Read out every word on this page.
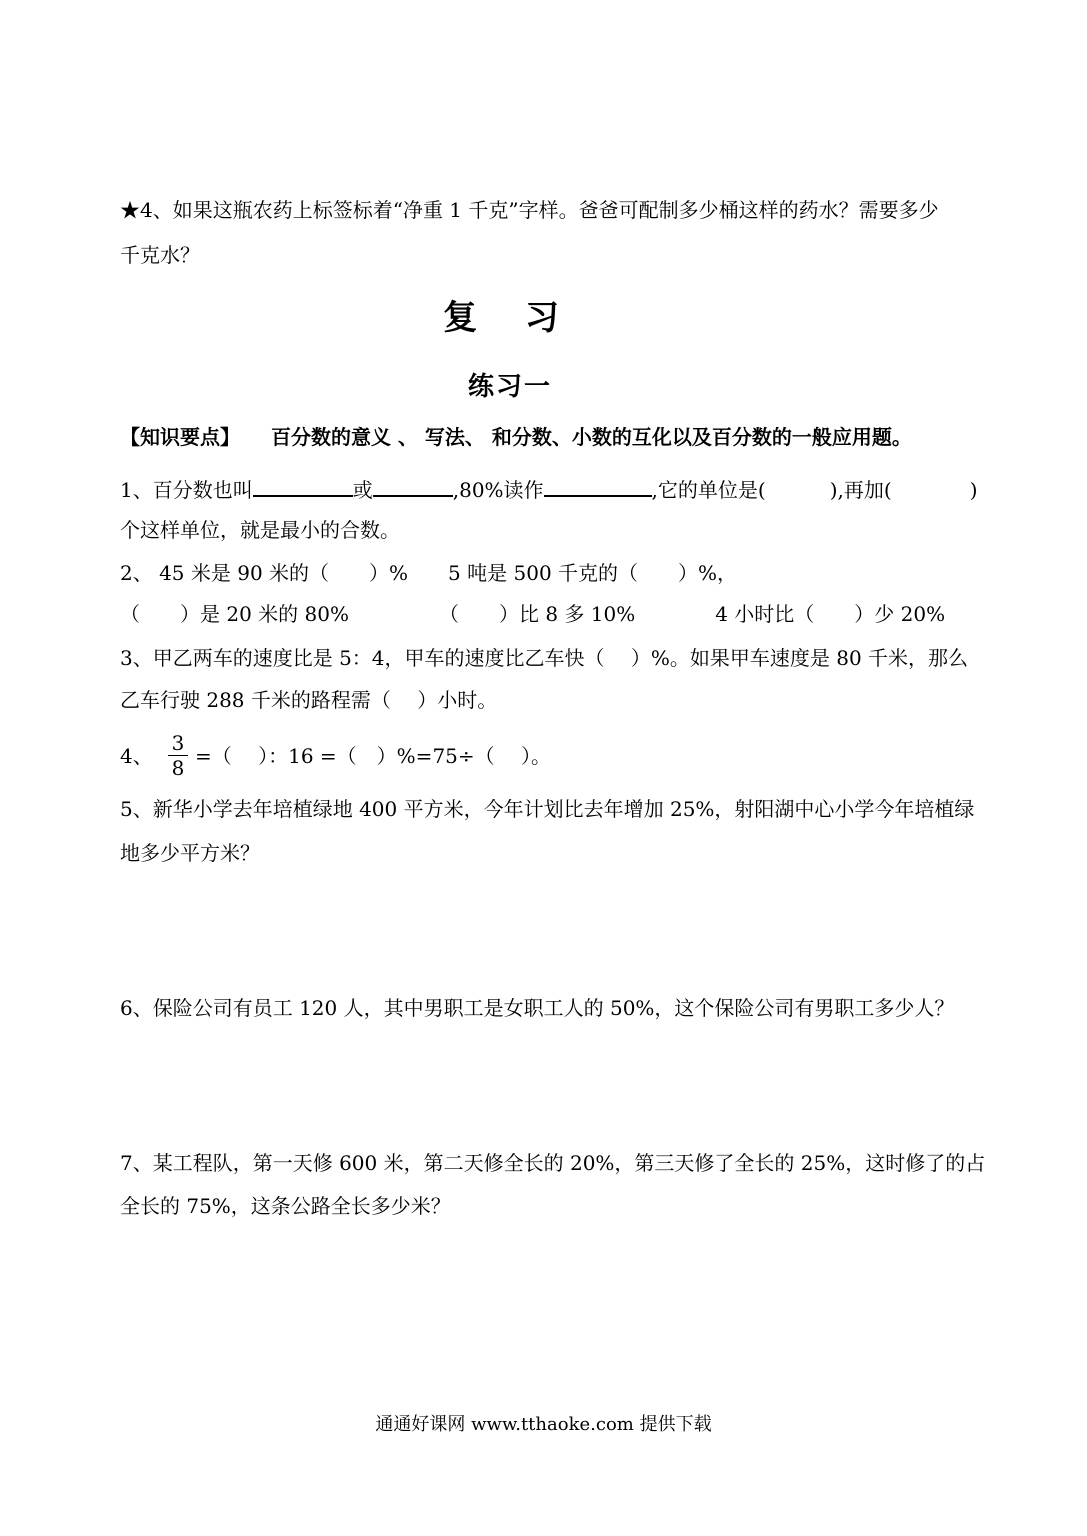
★4、如果这瓶农药上标签标着“净重 1 千克”字样。爸爸可配制多少桶这样的药水？需要多少
千克水？
复 习
练习一
【知识要点】 百分数的意义 、 写法、 和分数、小数的互化以及百分数的一般应用题。
1、百分数也叫	或	,80%读作	,它的单位是(	),再加(	)
个这样单位，就是最小的合数。
2、 45 米是 90 米的（　　）%　　5 吨是 500 千克的（　　）%，
（　　）是 20 米的 80%　　　　　（　　）比 8 多 10%　　　　4 小时比（　　）少 20%
3、甲乙两车的速度比是 5：4，甲车的速度比乙车快（　 ）%。如果甲车速度是 80 千米，那么
乙车行驶 288 千米的路程需（　 ）小时。
4、 $\frac{3}{8}$ =（　 ）：16 =（　）%=75÷（　 ）。
5、新华小学去年培植绿地 400 平方米，今年计划比去年增加 25%，射阳湖中心小学今年培植绿
地多少平方米？
6、保险公司有员工 120 人，其中男职工是女职工人的 50%，这个保险公司有男职工多少人？
7、某工程队，第一天修 600 米，第二天修全长的 20%，第三天修了全长的 25%，这时修了的占
全长的 75%，这条公路全长多少米？
通通好课网 www.tthaoke.com 提供下载
